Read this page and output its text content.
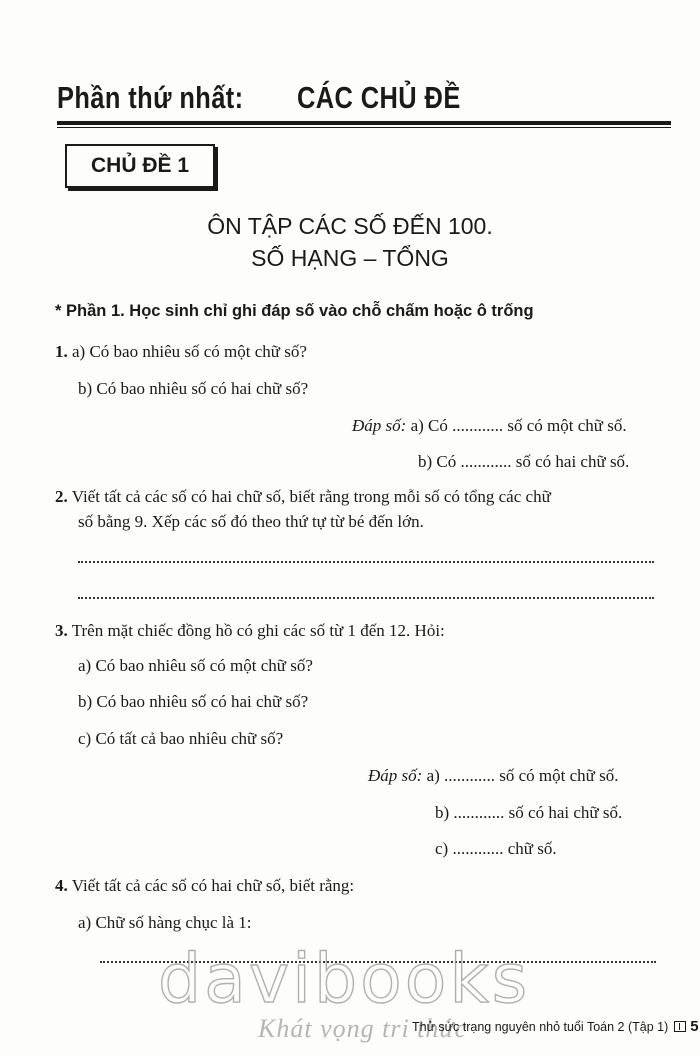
Phần thứ nhất: CÁC CHỦ ĐỀ
CHỦ ĐỀ 1
ÔN TẬP CÁC SỐ ĐẾN 100.
SỐ HẠNG – TỔNG
* Phần 1. Học sinh chỉ ghi đáp số vào chỗ chấm hoặc ô trống
1. a) Có bao nhiêu số có một chữ số?
b) Có bao nhiêu số có hai chữ số?
Đáp số: a) Có ............ số có một chữ số.
b) Có ............ số có hai chữ số.
2. Viết tất cả các số có hai chữ số, biết rằng trong mỗi số có tổng các chữ
số bằng 9. Xếp các số đó theo thứ tự từ bé đến lớn.
3. Trên mặt chiếc đồng hồ có ghi các số từ 1 đến 12. Hỏi:
a) Có bao nhiêu số có một chữ số?
b) Có bao nhiêu số có hai chữ số?
c) Có tất cả bao nhiêu chữ số?
Đáp số: a) ............ số có một chữ số.
b) ............ số có hai chữ số.
c) ............ chữ số.
4. Viết tất cả các số có hai chữ số, biết rằng:
a) Chữ số hàng chục là 1:
davibooks
Khát vọng tri thức
Thử sức trạng nguyên nhỏ tuổi Toán 2 (Tập 1) 5
